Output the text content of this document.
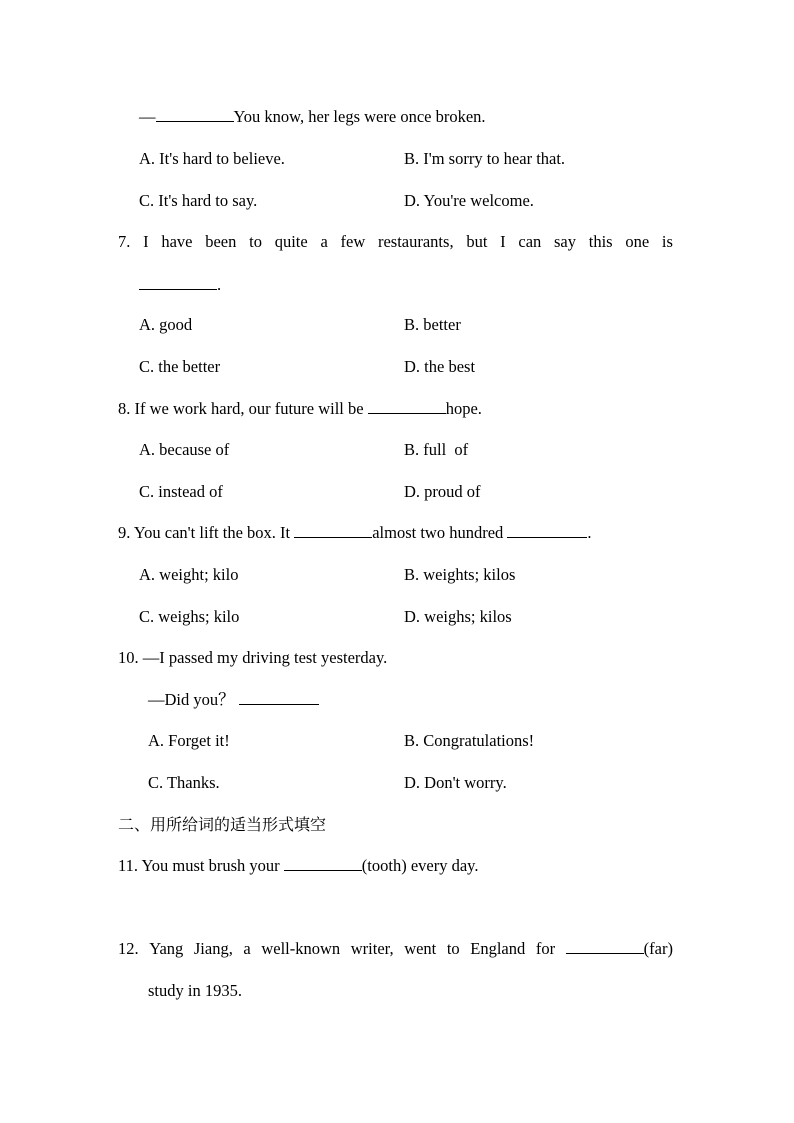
—	You know, her legs were once broken.
A. It's hard to believe.	B. I'm sorry to hear that.
C. It's hard to say.	D. You're welcome.
7. I have been to quite a few restaurants, but I can say this one is
.
A. good	B. better
C. the better	D. the best
8. If we work hard, our future will be	hope.
A. because of	B. full  of
C. instead of	D. proud of
9. You can't lift the box. It	almost two hundred	.
A. weight; kilo	B. weights; kilos
C. weighs; kilo	D. weighs; kilos
10. —I passed my driving test yesterday.
—Did you？
A. Forget it!	B. Congratulations!
C. Thanks.	D. Don't worry.
二、用所给词的适当形式填空
11. You must brush your	(tooth) every day.
12. Yang Jiang, a well-known writer, went to England for	(far)
study in 1935.
